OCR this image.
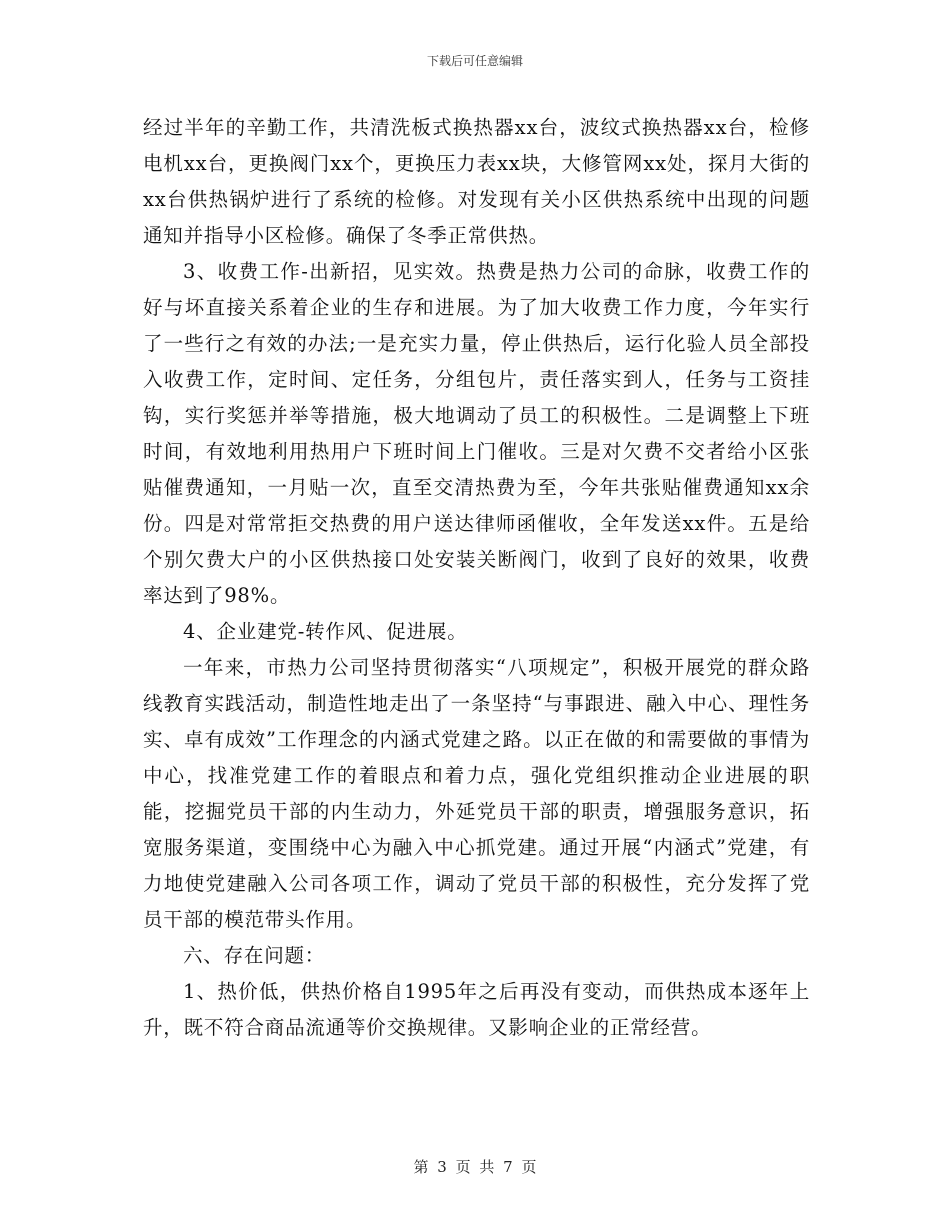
下载后可任意编辑

经过半年的辛勤工作，共清洗板式换热器xx台，波纹式换热器xx台，检修电机xx台，更换阀门xx个，更换压力表xx块，大修管网xx处，探月大街的xx台供热锅炉进行了系统的检修。对发现有关小区供热系统中出现的问题通知并指导小区检修。确保了冬季正常供热。

3、收费工作-出新招，见实效。热费是热力公司的命脉，收费工作的好与坏直接关系着企业的生存和进展。为了加大收费工作力度，今年实行了一些行之有效的办法;一是充实力量，停止供热后，运行化验人员全部投入收费工作，定时间、定任务，分组包片，责任落实到人，任务与工资挂钩，实行奖惩并举等措施，极大地调动了员工的积极性。二是调整上下班时间，有效地利用热用户下班时间上门催收。三是对欠费不交者给小区张贴催费通知，一月贴一次，直至交清热费为至，今年共张贴催费通知xx余份。四是对常常拒交热费的用户送达律师函催收，全年发送xx件。五是给个别欠费大户的小区供热接口处安装关断阀门，收到了良好的效果，收费率达到了98%。

4、企业建党-转作风、促进展。

一年来，市热力公司坚持贯彻落实“八项规定”，积极开展党的群众路线教育实践活动，制造性地走出了一条坚持“与事跟进、融入中心、理性务实、卓有成效”工作理念的内涵式党建之路。以正在做的和需要做的事情为中心，找准党建工作的着眼点和着力点，强化党组织推动企业进展的职能，挖掘党员干部的内生动力，外延党员干部的职责，增强服务意识，拓宽服务渠道，变围绕中心为融入中心抓党建。通过开展“内涵式”党建，有力地使党建融入公司各项工作，调动了党员干部的积极性，充分发挥了党员干部的模范带头作用。

六、存在问题：

1、热价低，供热价格自1995年之后再没有变动，而供热成本逐年上升，既不符合商品流通等价交换规律。又影响企业的正常经营。

第 3 页 共 7 页
